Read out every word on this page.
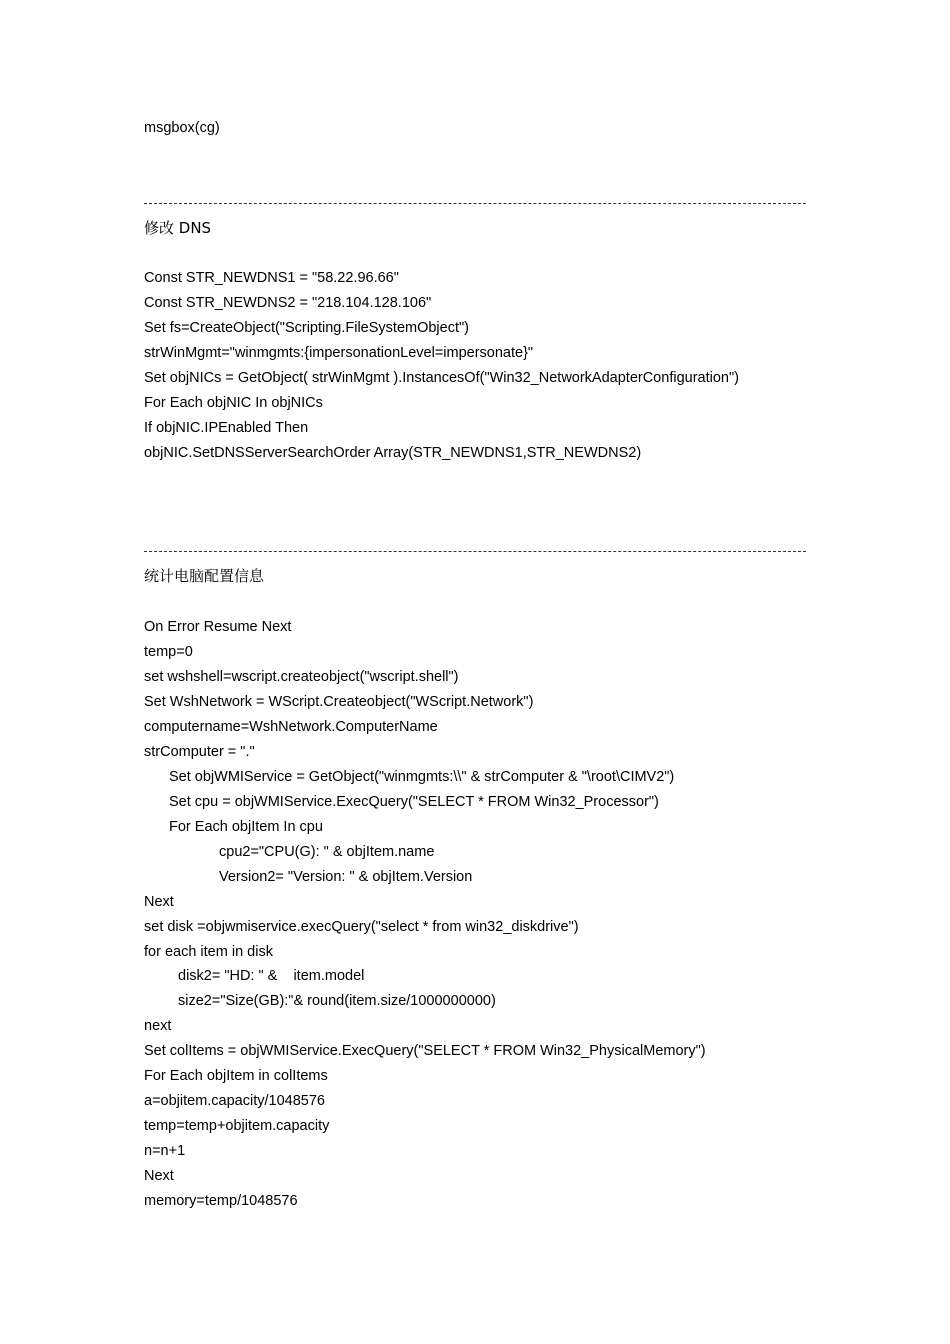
msgbox(cg)
修改 DNS
Const STR_NEWDNS1 = "58.22.96.66"
Const STR_NEWDNS2 = "218.104.128.106"
Set fs=CreateObject("Scripting.FileSystemObject")
strWinMgmt="winmgmts:{impersonationLevel=impersonate}"
Set objNICs = GetObject( strWinMgmt ).InstancesOf("Win32_NetworkAdapterConfiguration")
For Each objNIC In objNICs
If objNIC.IPEnabled Then
objNIC.SetDNSServerSearchOrder Array(STR_NEWDNS1,STR_NEWDNS2)
统计电脑配置信息
On Error Resume Next
temp=0
set wshshell=wscript.createobject("wscript.shell")
Set WshNetwork = WScript.Createobject("WScript.Network")
computername=WshNetwork.ComputerName
strComputer = "."
Set objWMIService = GetObject("winmgmts:\\" & strComputer & "\root\CIMV2")
Set cpu = objWMIService.ExecQuery("SELECT * FROM Win32_Processor")
For Each objItem In cpu
cpu2="CPU(G): " & objItem.name
Version2= "Version: " & objItem.Version
Next
set disk =objwmiservice.execQuery("select * from win32_diskdrive")
for each item in disk
disk2= "HD: " &    item.model
size2="Size(GB):"& round(item.size/1000000000)
next
Set colItems = objWMIService.ExecQuery("SELECT * FROM Win32_PhysicalMemory")
For Each objItem in colItems
a=objitem.capacity/1048576
temp=temp+objitem.capacity
n=n+1
Next
memory=temp/1048576
